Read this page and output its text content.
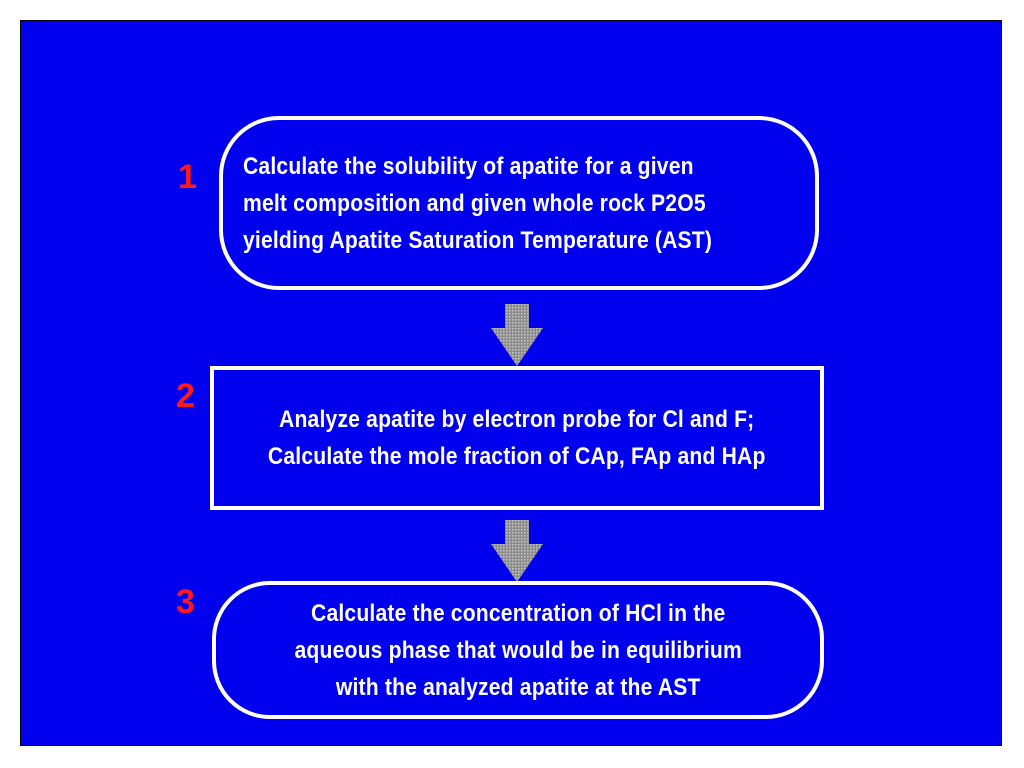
1 Calculate the solubility of apatite for a given
melt composition and given whole rock P2O5
yielding Apatite Saturation Temperature (AST)
2
Analyze apatite by electron probe for Cl and F;
Calculate the mole fraction of CAp, FAp and HAp
3	Calculate the concentration of HCl in the
aqueous phase that would be in equilibrium
with the analyzed apatite at the AST
